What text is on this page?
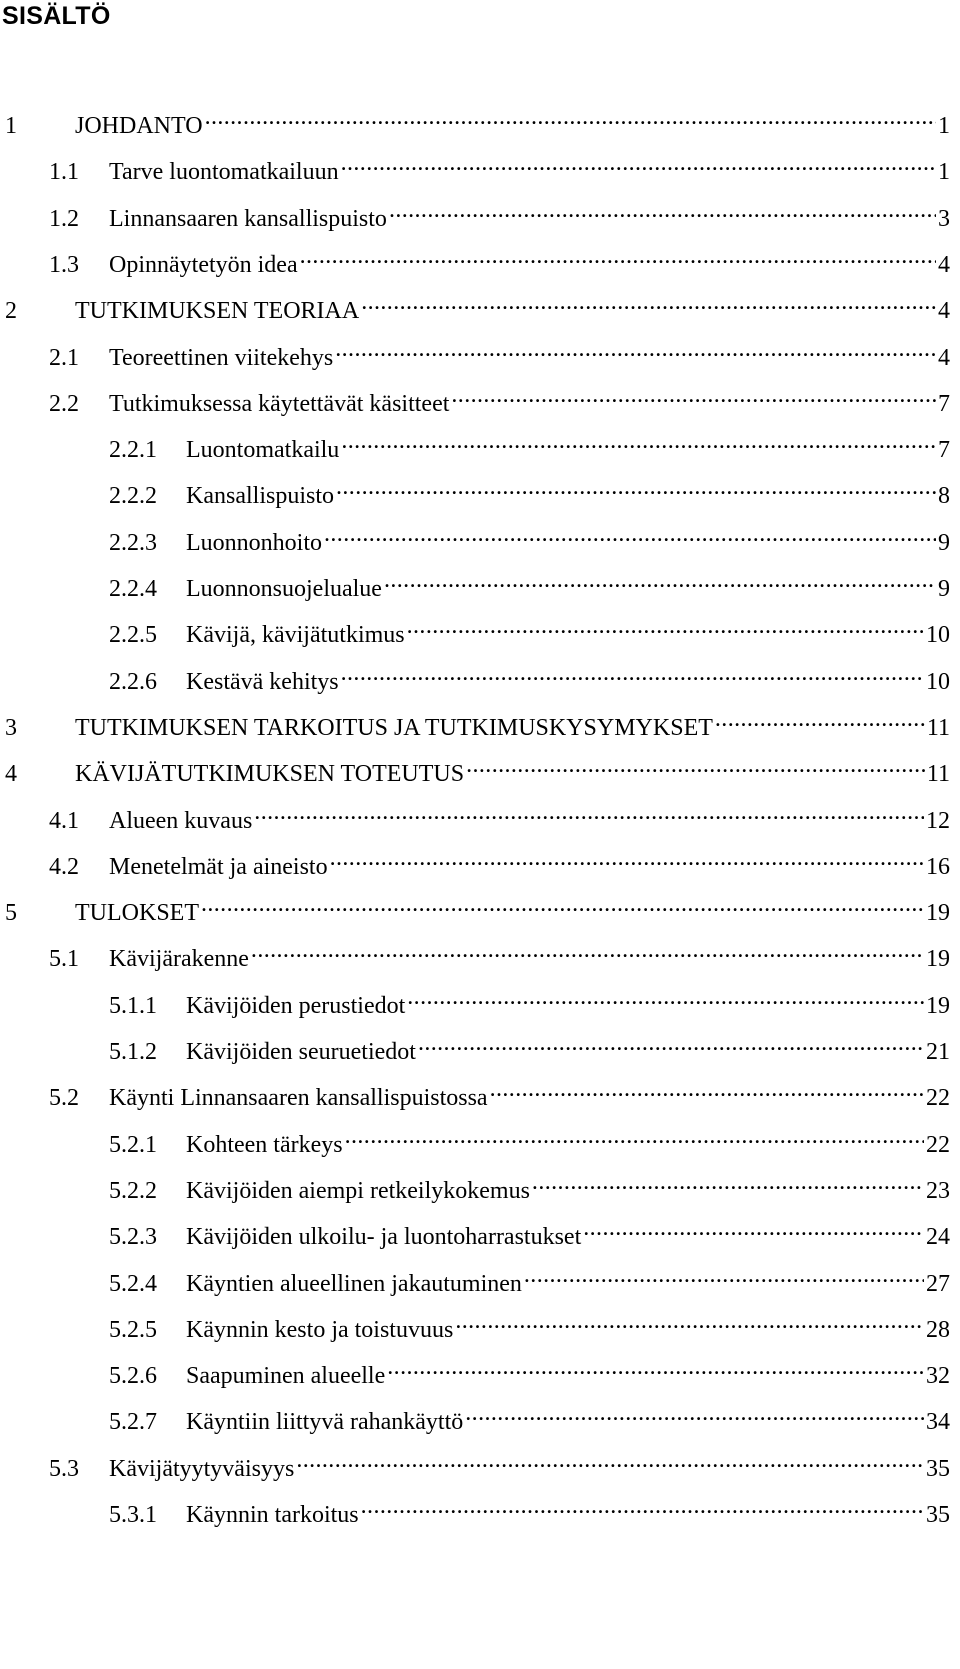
SISÄLTÖ
1	JOHDANTO .....	1
1.1	Tarve luontomatkailuun .....	1
1.2	Linnansaaren kansallispuisto .....	3
1.3	Opinnäytetyön idea .....	4
2	TUTKIMUKSEN TEORIAA .....	4
2.1	Teoreettinen viitekehys .....	4
2.2	Tutkimuksessa käytettävät käsitteet .....	7
2.2.1	Luontomatkailu .....	7
2.2.2	Kansallispuisto .....	8
2.2.3	Luonnonhoito .....	9
2.2.4	Luonnonsuojelualue .....	9
2.2.5	Kävijä, kävijätutkimus .....	10
2.2.6	Kestävä kehitys .....	10
3	TUTKIMUKSEN TARKOITUS JA TUTKIMUSKYSYMYKSET .....	11
4	KÄVIJÄTUTKIMUKSEN TOTEUTUS .....	11
4.1	Alueen kuvaus .....	12
4.2	Menetelmät ja aineisto .....	16
5	TULOKSET .....	19
5.1	Kävijärakenne .....	19
5.1.1	Kävijöiden perustiedot .....	19
5.1.2	Kävijöiden seuruetiedot .....	21
5.2	Käynti Linnansaaren kansallispuistossa .....	22
5.2.1	Kohteen tärkeys .....	22
5.2.2	Kävijöiden aiempi retkeilykokemus .....	23
5.2.3	Kävijöiden ulkoilu- ja luontoharrastukset .....	24
5.2.4	Käyntien alueellinen jakautuminen .....	27
5.2.5	Käynnin kesto ja toistuvuus .....	28
5.2.6	Saapuminen alueelle .....	32
5.2.7	Käyntiin liittyvä rahankäyttö .....	34
5.3	Kävijätyytyväisyys .....	35
5.3.1	Käynnin tarkoitus .....	35
